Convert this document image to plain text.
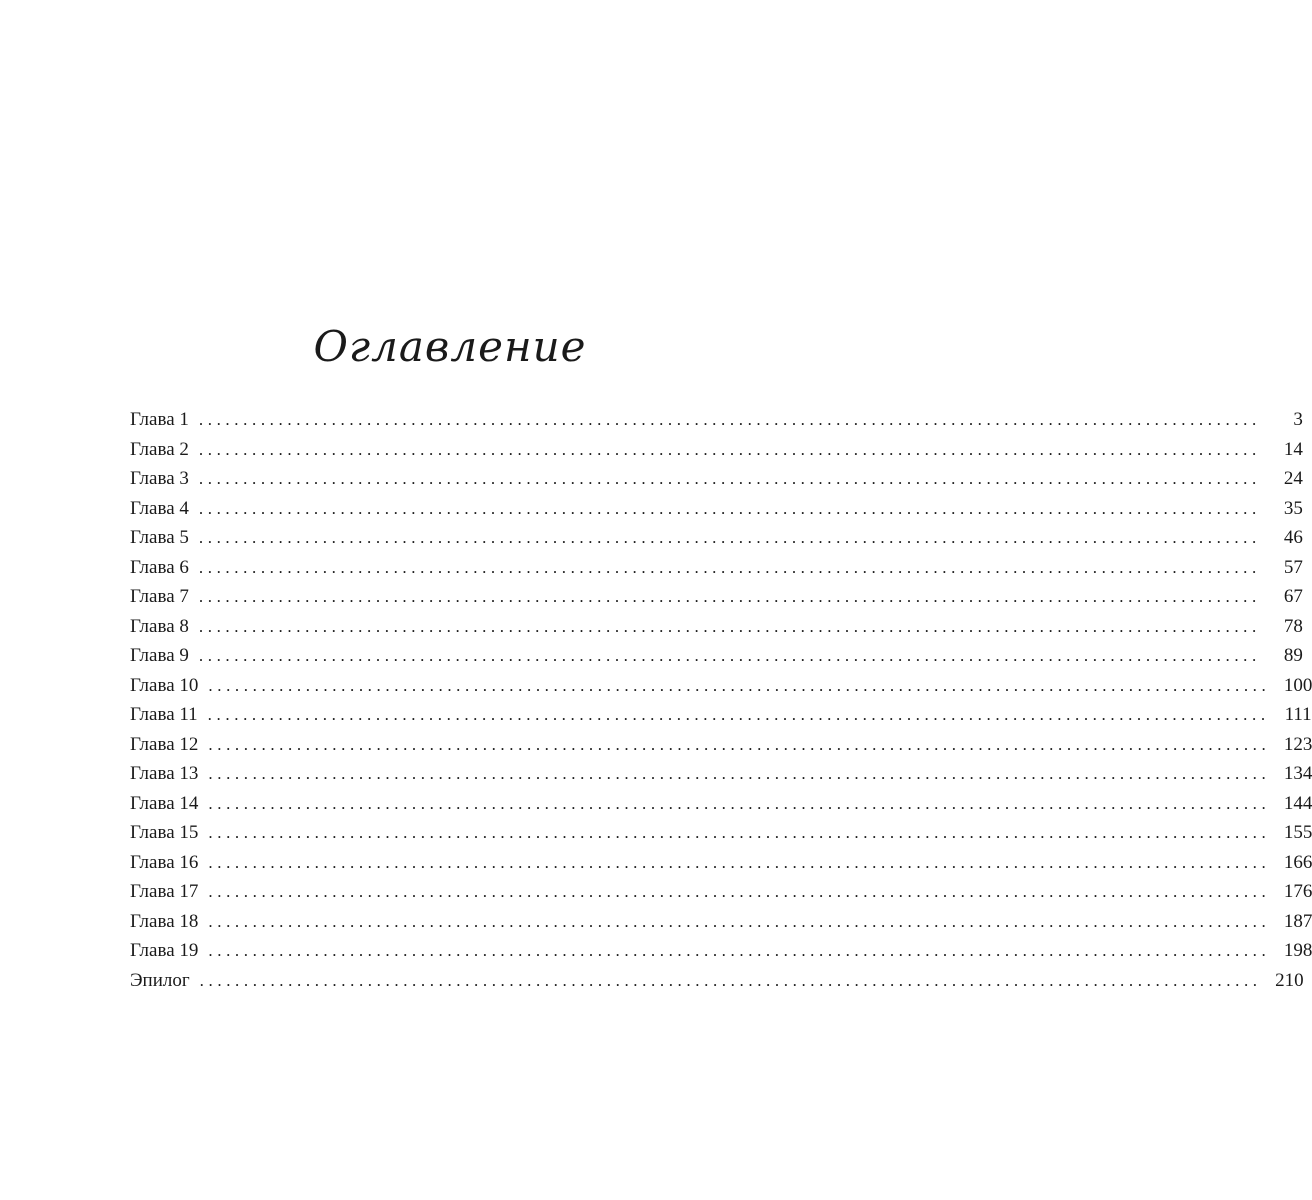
Оглавление
Глава 1 ........................................................................................................................	3
Глава 2 ........................................................................................................................	14
Глава 3 ........................................................................................................................	24
Глава 4 ........................................................................................................................	35
Глава 5 ........................................................................................................................	46
Глава 6 ........................................................................................................................	57
Глава 7 ........................................................................................................................	67
Глава 8 ........................................................................................................................	78
Глава 9 ........................................................................................................................	89
Глава 10 ........................................................................................................................ 100
Глава 11 ........................................................................................................................ 111
Глава 12 ........................................................................................................................ 123
Глава 13 ........................................................................................................................ 134
Глава 14 ........................................................................................................................ 144
Глава 15 ........................................................................................................................ 155
Глава 16 ........................................................................................................................ 166
Глава 17 ........................................................................................................................ 176
Глава 18 ........................................................................................................................ 187
Глава 19 ........................................................................................................................ 198
Эпилог ........................................................................................................................ 210
